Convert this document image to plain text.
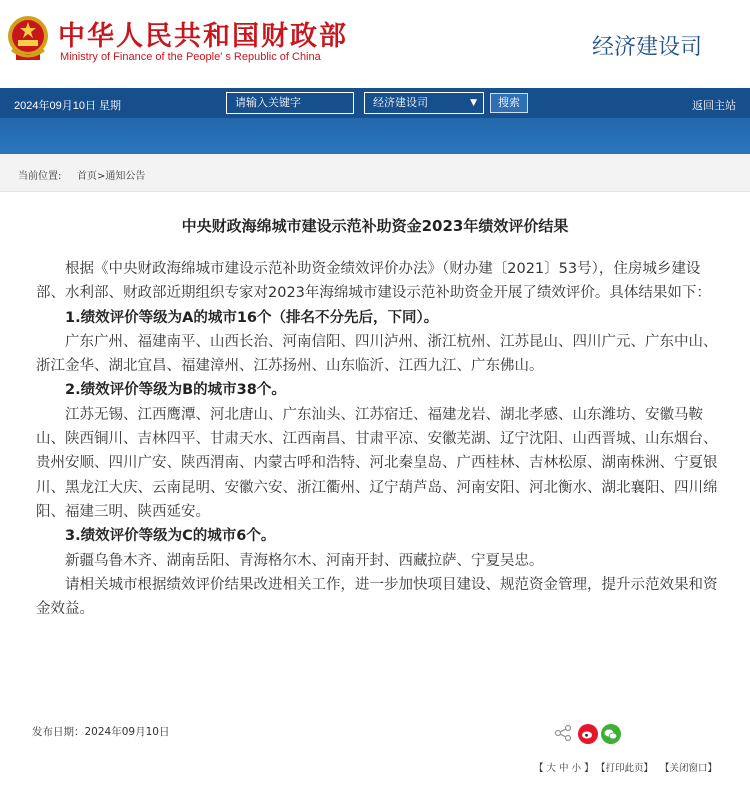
中华人民共和国财政部
Ministry of Finance of the People' s Republic of China	经济建设司
2024年09月10日 星期	请输入关键字	经济建设司	▼	搜索	返回主站
当前位置: 首页>通知公告
中央财政海绵城市建设示范补助资金2023年绩效评价结果

根据《中央财政海绵城市建设示范补助资金绩效评价办法》（财办建〔2021〕53号），住房城乡建设部、水利部、财政部近期组织专家对2023年海绵城市建设示范补助资金开展了绩效评价。具体结果如下：

1.绩效评价等级为A的城市16个（排名不分先后，下同）。

广东广州、福建南平、山西长治、河南信阳、四川泸州、浙江杭州、江苏昆山、四川广元、广东中山、浙江金华、湖北宜昌、福建漳州、江苏扬州、山东临沂、江西九江、广东佛山。

2.绩效评价等级为B的城市38个。

江苏无锡、江西鹰潭、河北唐山、广东汕头、江苏宿迁、福建龙岩、湖北孝感、山东潍坊、安徽马鞍山、陕西铜川、吉林四平、甘肃天水、江西南昌、甘肃平凉、安徽芜湖、辽宁沈阳、山西晋城、山东烟台、贵州安顺、四川广安、陕西渭南、内蒙古呼和浩特、河北秦皇岛、广西桂林、吉林松原、湖南株洲、宁夏银川、黑龙江大庆、云南昆明、安徽六安、浙江衢州、辽宁葫芦岛、河南安阳、河北衡水、湖北襄阳、四川绵阳、福建三明、陕西延安。

3.绩效评价等级为C的城市6个。

新疆乌鲁木齐、湖南岳阳、青海格尔木、河南开封、西藏拉萨、宁夏吴忠。

请相关城市根据绩效评价结果改进相关工作，进一步加快项目建设、规范资金管理，提升示范效果和资金效益。

发布日期：2024年09月10日
【 大 中 小 】 【打印此页】 【关闭窗口】
